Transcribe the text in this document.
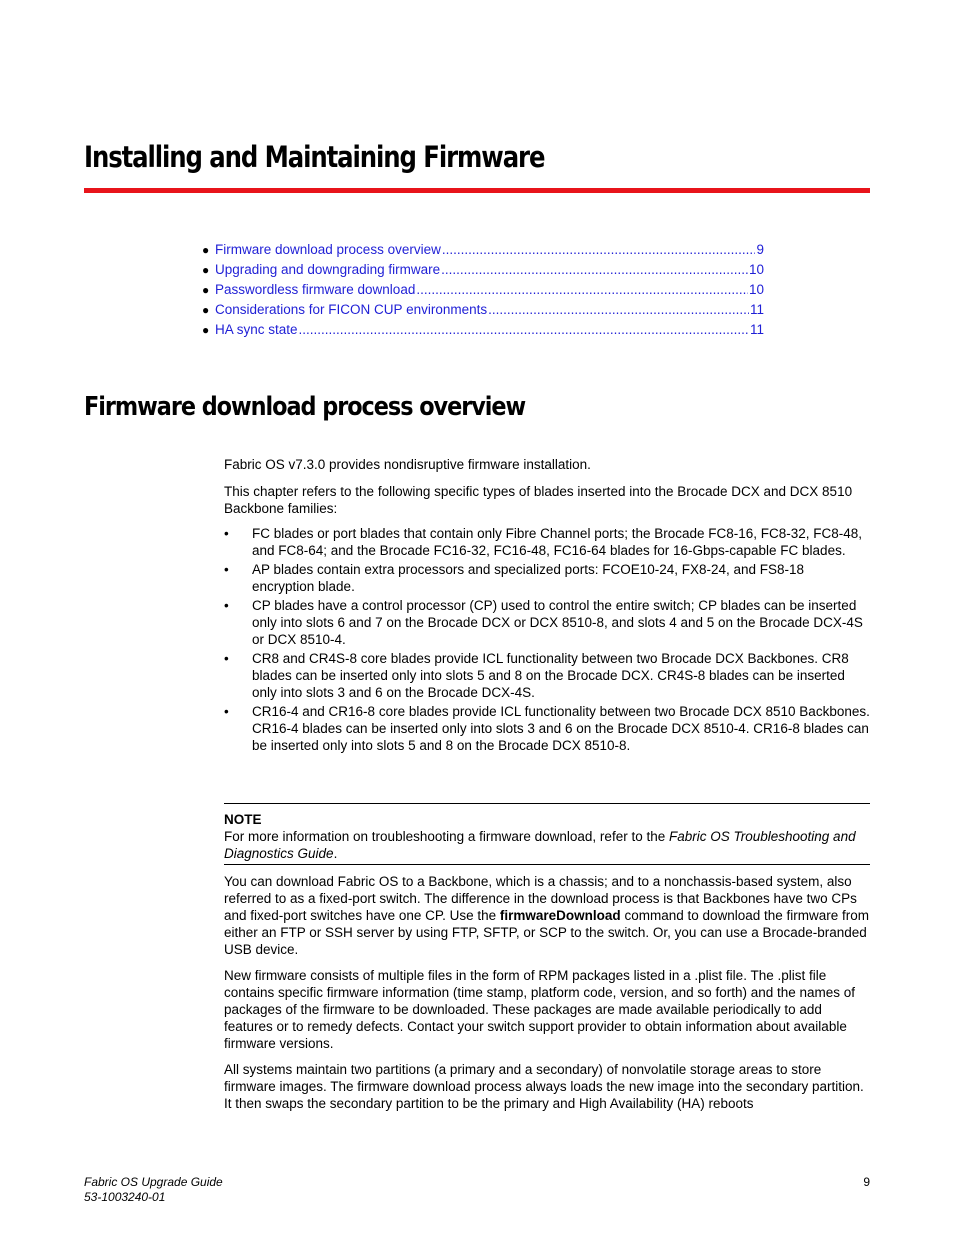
Installing and Maintaining Firmware
● Firmware download process overview .....	9
● Upgrading and downgrading firmware .....	10
● Passwordless firmware download .....	10
● Considerations for FICON CUP environments .....	11
● HA sync state .....	11
Firmware download process overview

Fabric OS v7.3.0 provides nondisruptive firmware installation.

This chapter refers to the following specific types of blades inserted into the Brocade DCX and DCX 8510 Backbone families:

• FC blades or port blades that contain only Fibre Channel ports; the Brocade FC8-16, FC8-32, FC8-48, and FC8-64; and the Brocade FC16-32, FC16-48, FC16-64 blades for 16-Gbps-capable FC blades.
• AP blades contain extra processors and specialized ports: FCOE10-24, FX8-24, and FS8-18 encryption blade.
• CP blades have a control processor (CP) used to control the entire switch; CP blades can be inserted only into slots 6 and 7 on the Brocade DCX or DCX 8510-8, and slots 4 and 5 on the Brocade DCX-4S or DCX 8510-4.
• CR8 and CR4S-8 core blades provide ICL functionality between two Brocade DCX Backbones. CR8 blades can be inserted only into slots 5 and 8 on the Brocade DCX. CR4S-8 blades can be inserted only into slots 3 and 6 on the Brocade DCX-4S.
• CR16-4 and CR16-8 core blades provide ICL functionality between two Brocade DCX 8510 Backbones. CR16-4 blades can be inserted only into slots 3 and 6 on the Brocade DCX 8510-4. CR16-8 blades can be inserted only into slots 5 and 8 on the Brocade DCX 8510-8.
NOTE
For more information on troubleshooting a firmware download, refer to the Fabric OS Troubleshooting and Diagnostics Guide.

You can download Fabric OS to a Backbone, which is a chassis; and to a nonchassis-based system, also referred to as a fixed-port switch. The difference in the download process is that Backbones have two CPs and fixed-port switches have one CP. Use the firmwareDownload command to download the firmware from either an FTP or SSH server by using FTP, SFTP, or SCP to the switch. Or, you can use a Brocade-branded USB device.

New firmware consists of multiple files in the form of RPM packages listed in a .plist file. The .plist file contains specific firmware information (time stamp, platform code, version, and so forth) and the names of packages of the firmware to be downloaded. These packages are made available periodically to add features or to remedy defects. Contact your switch support provider to obtain information about available firmware versions.

All systems maintain two partitions (a primary and a secondary) of nonvolatile storage areas to store firmware images. The firmware download process always loads the new image into the secondary partition. It then swaps the secondary partition to be the primary and High Availability (HA) reboots

Fabric OS Upgrade Guide
53-1003240-01
9
